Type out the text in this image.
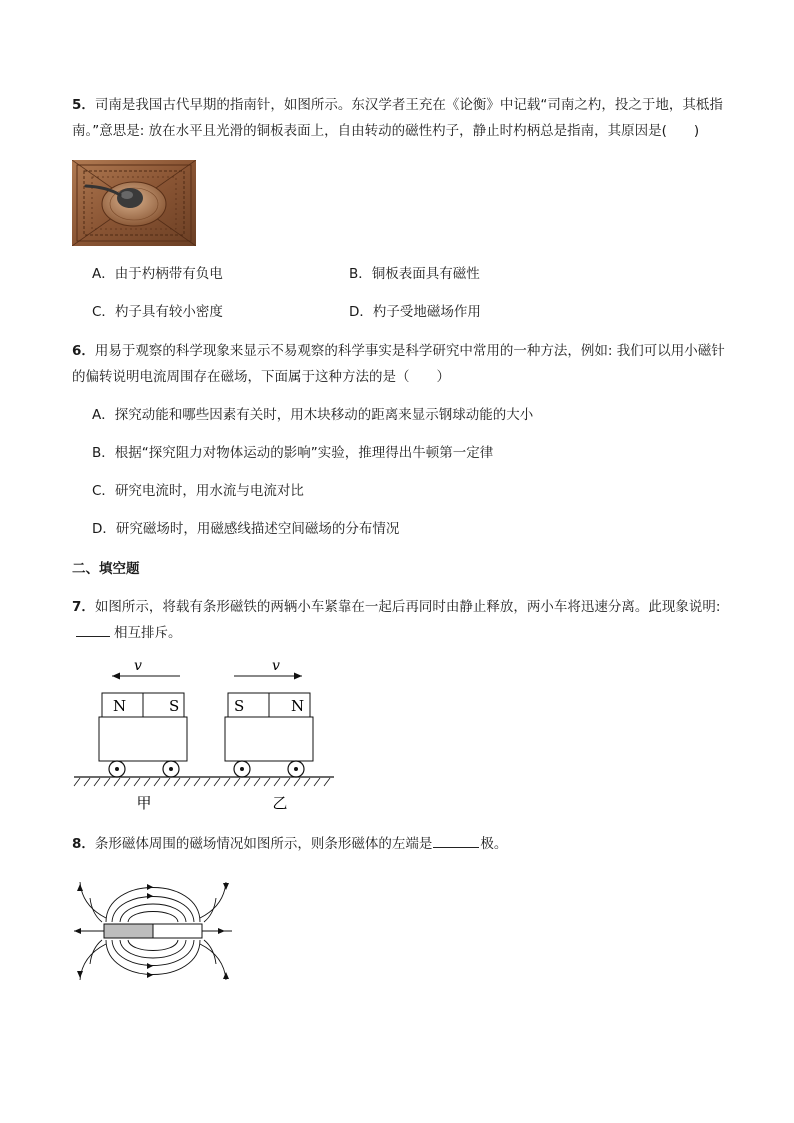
5．司南是我国古代早期的指南针，如图所示。东汉学者王充在《论衡》中记载“司南之杓，投之于地，其柢指南。”意思是: 放在水平且光滑的铜板表面上，自由转动的磁性杓子，静止时杓柄总是指南，其原因是(　　)
A．由于杓柄带有负电	B．铜板表面具有磁性
C．杓子具有较小密度	D．杓子受地磁场作用
6．用易于观察的科学现象来显示不易观察的科学事实是科学研究中常用的一种方法，例如: 我们可以用小磁针的偏转说明电流周围存在磁场，下面属于这种方法的是（　　）
A．探究动能和哪些因素有关时，用木块移动的距离来显示钢球动能的大小
B．根据“探究阻力对物体运动的影响”实验，推理得出牛顿第一定律
C．研究电流时，用水流与电流对比
D．研究磁场时，用磁感线描述空间磁场的分布情况
二、填空题
7．如图所示，将载有条形磁铁的两辆小车紧靠在一起后再同时由静止释放，两小车将迅速分离。此现象说明: 相互排斥。
v	v
N	S	S	N
甲	乙
8．条形磁体周围的磁场情况如图所示，则条形磁体的左端是	极。
